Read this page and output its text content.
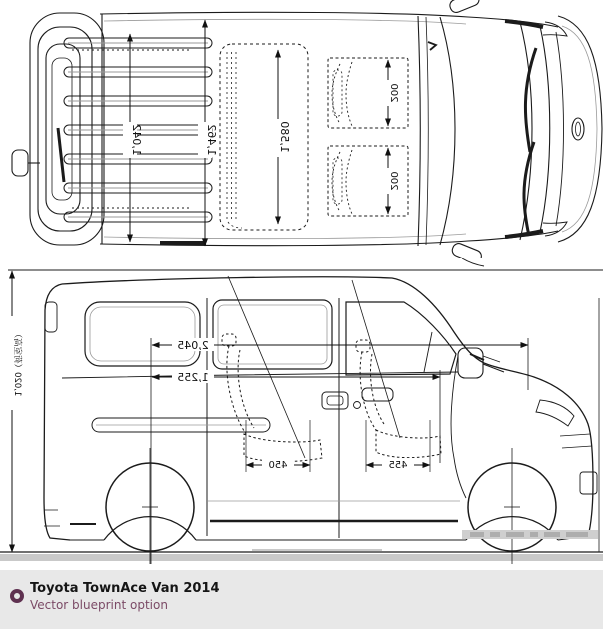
1,042	1,462	1,580
200
200
2,045
1,255
450	455
1,020（荷室高）
Toyota TownAce Van 2014
Vector blueprint option
